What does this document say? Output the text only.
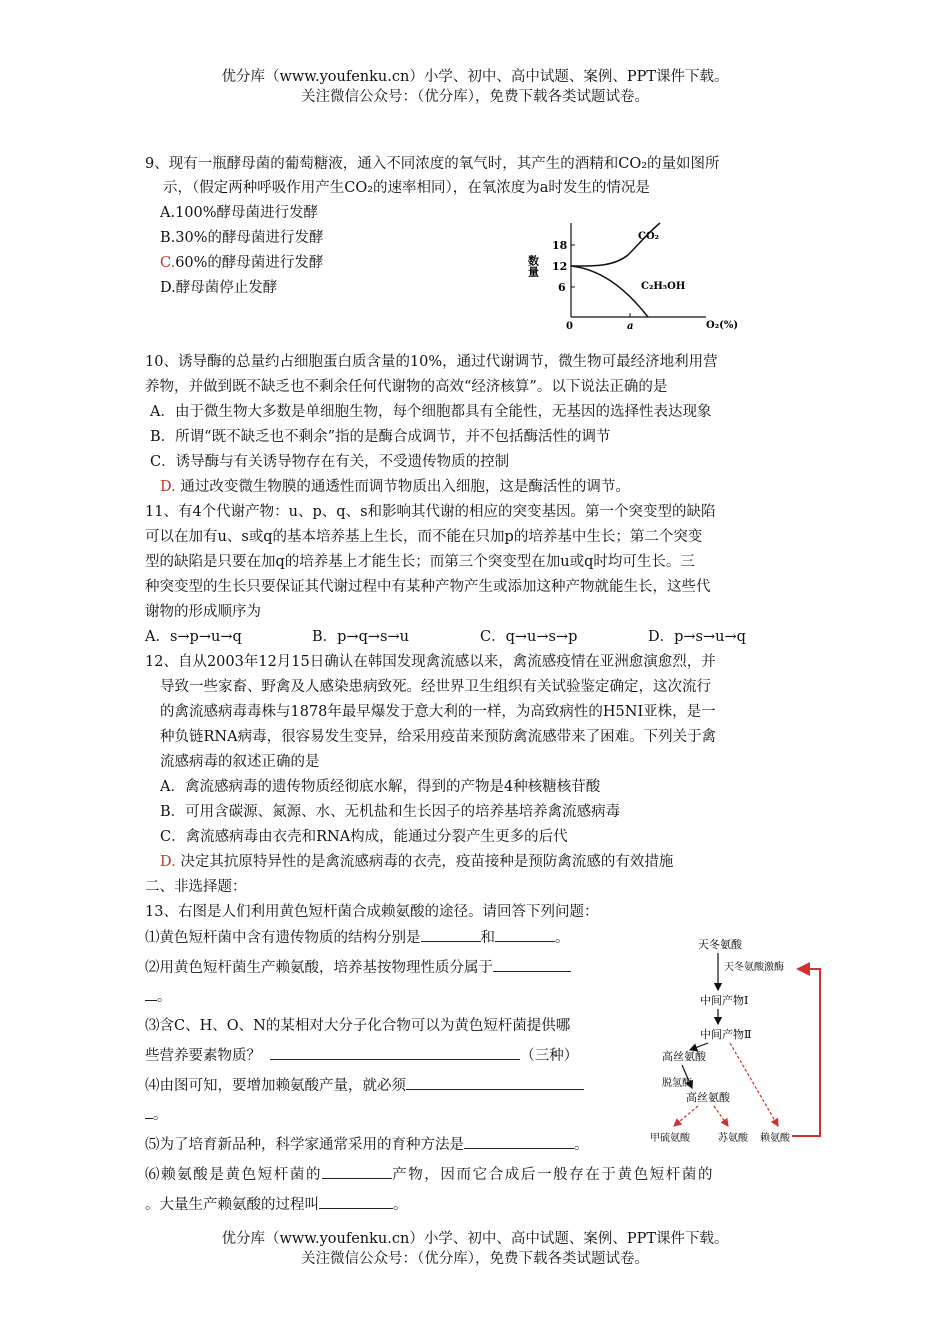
优分库（www.youfenku.cn）小学、初中、高中试题、案例、PPT课件下载。
关注微信公众号：（优分库），免费下载各类试题试卷。
9、现有一瓶酵母菌的葡萄糖液，通入不同浓度的氧气时，其产生的酒精和CO₂的量如图所
示，（假定两种呼吸作用产生CO₂的速率相同），在氧浓度为a时发生的情况是
A.100%酵母菌进行发酵
B.30%的酵母菌进行发酵
C.60%的酵母菌进行发酵
D.酵母菌停止发酵
18
12
6
0	a
数量
O₂(%)
CO₂
C₂H₅OH
10、诱导酶的总量约占细胞蛋白质含量的10%，通过代谢调节，微生物可最经济地利用营
养物，并做到既不缺乏也不剩余任何代谢物的高效“经济核算”。以下说法正确的是
A．由于微生物大多数是单细胞生物，每个细胞都具有全能性，无基因的选择性表达现象
B．所谓“既不缺乏也不剩余”指的是酶合成调节，并不包括酶活性的调节
C．诱导酶与有关诱导物存在有关，不受遗传物质的控制
D. 通过改变微生物膜的通透性而调节物质出入细胞，这是酶活性的调节。
11、有4个代谢产物：u、p、q、s和影响其代谢的相应的突变基因。第一个突变型的缺陷
可以在加有u、s或q的基本培养基上生长，而不能在只加p的培养基中生长；第二个突变
型的缺陷是只要在加q的培养基上才能生长；而第三个突变型在加u或q时均可生长。三
种突变型的生长只要保证其代谢过程中有某种产物产生或添加这种产物就能生长，这些代
谢物的形成顺序为
A．s→p→u→q	B．p→q→s→u	C．q→u→s→p	D．p→s→u→q
12、自从2003年12月15日确认在韩国发现禽流感以来，禽流感疫情在亚洲愈演愈烈，并
导致一些家畜、野禽及人感染患病致死。经世界卫生组织有关试验鉴定确定，这次流行
的禽流感病毒毒株与1878年最早爆发于意大利的一样，为高致病性的H5NI亚株，是一
种负链RNA病毒，很容易发生变异，给采用疫苗来预防禽流感带来了困难。下列关于禽
流感病毒的叙述正确的是
A．禽流感病毒的遗传物质经彻底水解，得到的产物是4种核糖核苷酸
B．可用含碳源、氮源、水、无机盐和生长因子的培养基培养禽流感病毒
C．禽流感病毒由衣壳和RNA构成，能通过分裂产生更多的后代
D. 决定其抗原特异性的是禽流感病毒的衣壳，疫苗接种是预防禽流感的有效措施
二、非选择题：
13、右图是人们利用黄色短杆菌合成赖氨酸的途径。请回答下列问题：
⑴黄色短杆菌中含有遗传物质的结构分别是	和	。
⑵用黄色短杆菌生产赖氨酸，培养基按物理性质分属于
。
⑶含C、H、O、N的某相对大分子化合物可以为黄色短杆菌提供哪
些营养要素物质？	（三种）
⑷由图可知，要增加赖氨酸产量，就必须
。
⑸为了培育新品种，科学家通常采用的育种方法是	。
⑹赖氨酸是黄色短杆菌的	产物，因而它合成后一般存在于黄色短杆菌的
。大量生产赖氨酸的过程叫	。
天冬氨酸
天冬氨酸激酶
中间产物Ⅰ
中间产物Ⅱ
高丝氨酸
脱氢酶
高丝氨酸
甲硫氨酸	苏氨酸 赖氨酸
优分库（www.youfenku.cn）小学、初中、高中试题、案例、PPT课件下载。
关注微信公众号：（优分库），免费下载各类试题试卷。
